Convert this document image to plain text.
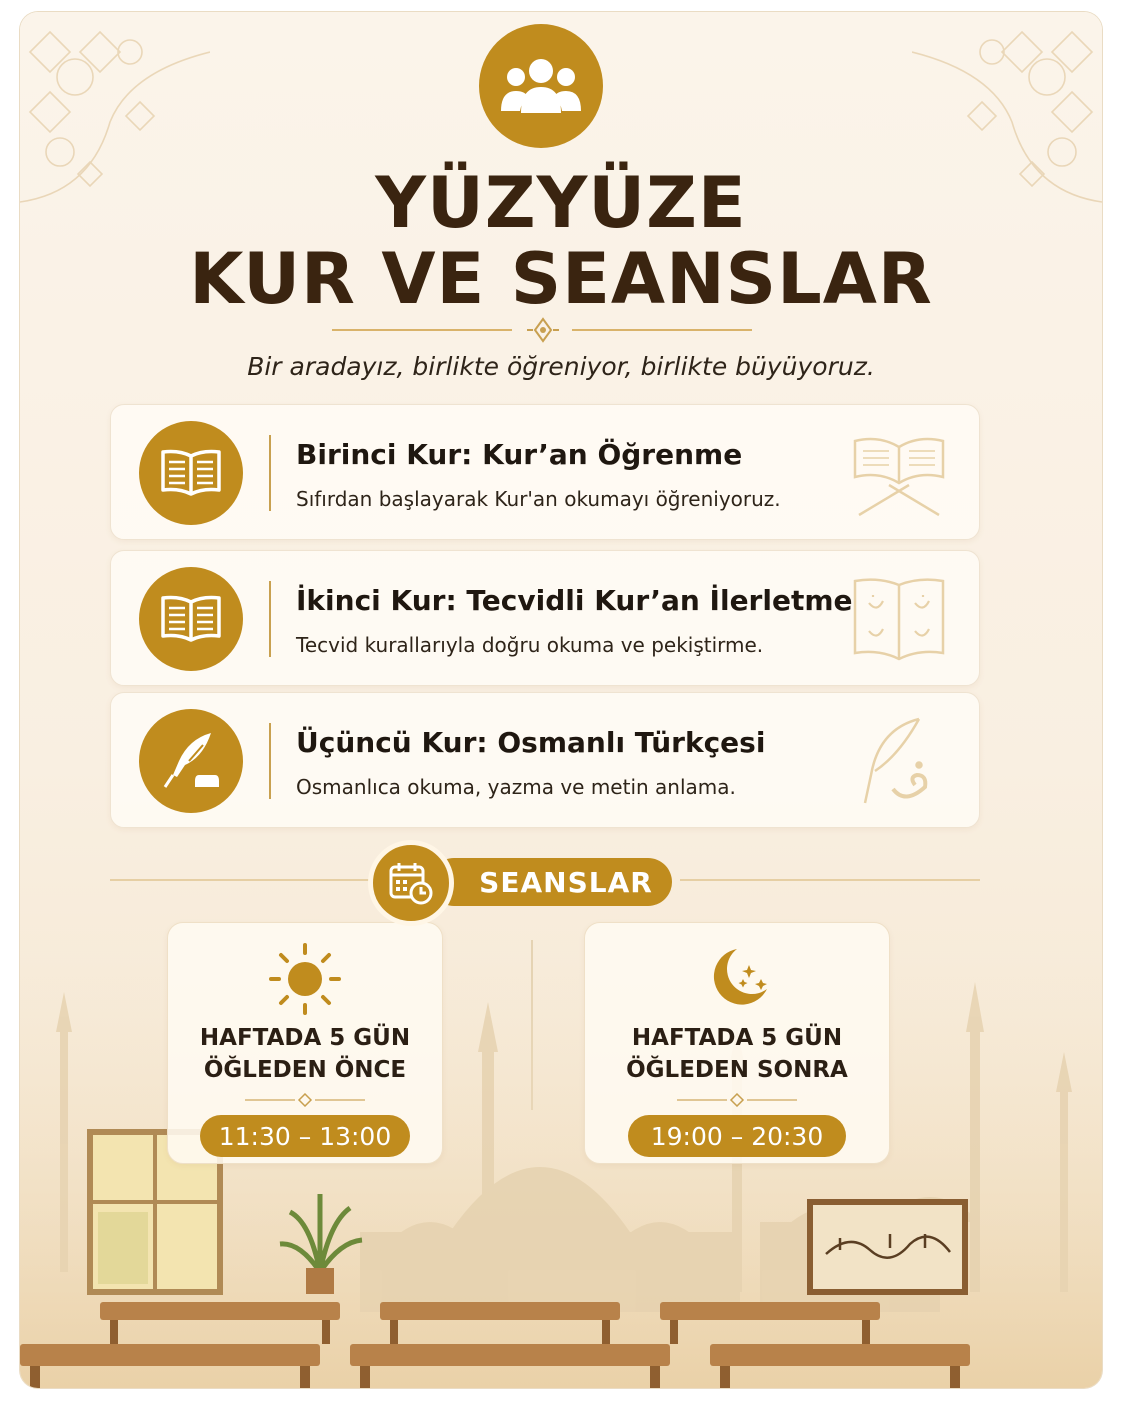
YÜZYÜZE
KUR VE SEANSLAR
Bir aradayız, birlikte öğreniyor, birlikte büyüyoruz.
Birinci Kur: Kur’an Öğrenme
Sıfırdan başlayarak Kur'an okumayı öğreniyoruz.
İkinci Kur: Tecvidli Kur’an İlerletme
Tecvid kurallarıyla doğru okuma ve pekiştirme.
Üçüncü Kur: Osmanlı Türkçesi
Osmanlıca okuma, yazma ve metin anlama.
SEANSLAR
HAFTADA 5 GÜN
ÖĞLEDEN ÖNCE
11:30 – 13:00
HAFTADA 5 GÜN
ÖĞLEDEN SONRA
19:00 – 20:30
